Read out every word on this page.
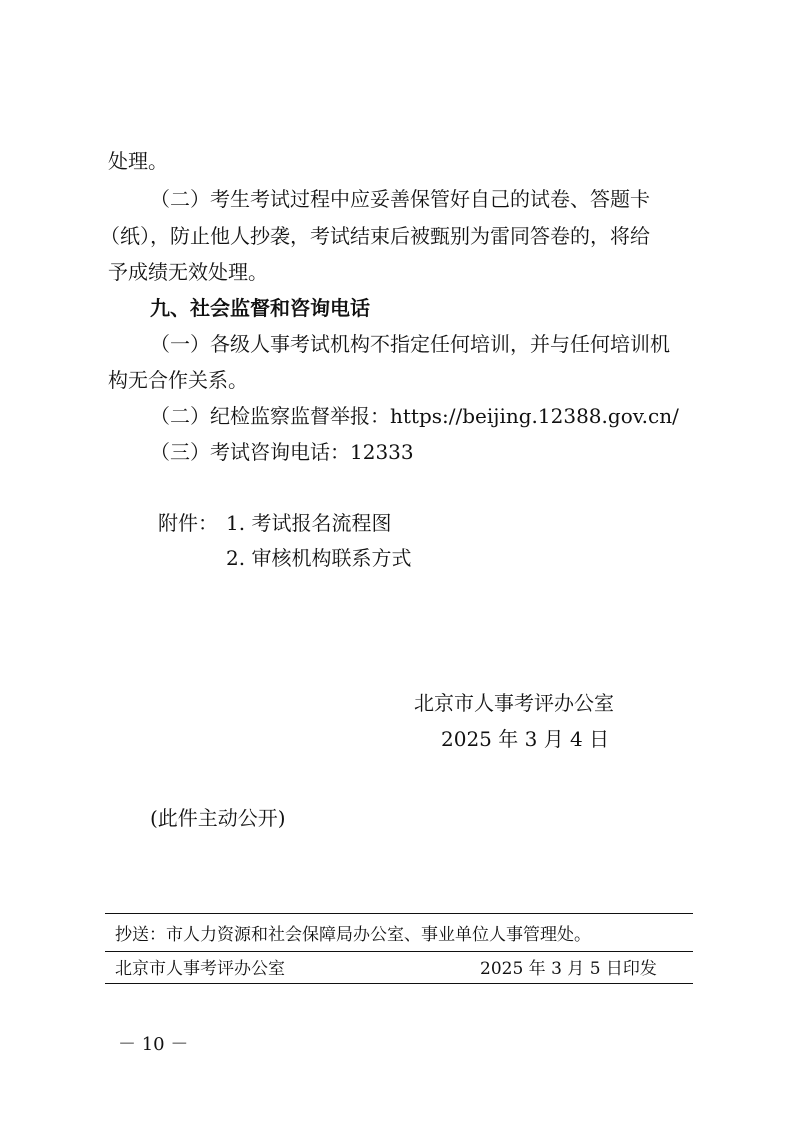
处理。
（二）考生考试过程中应妥善保管好自己的试卷、答题卡
（纸），防止他人抄袭，考试结束后被甄别为雷同答卷的，将给
予成绩无效处理。
九、社会监督和咨询电话
（一）各级人事考试机构不指定任何培训，并与任何培训机
构无合作关系。
（二）纪检监察监督举报：https://beijing.12388.gov.cn/
（三）考试咨询电话：12333
附件： 1. 考试报名流程图
2. 审核机构联系方式
北京市人事考评办公室
2025 年 3 月 4 日
(此件主动公开)
抄送：市人力资源和社会保障局办公室、事业单位人事管理处。
北京市人事考评办公室	2025 年 3 月 5 日印发
－ 10 －
